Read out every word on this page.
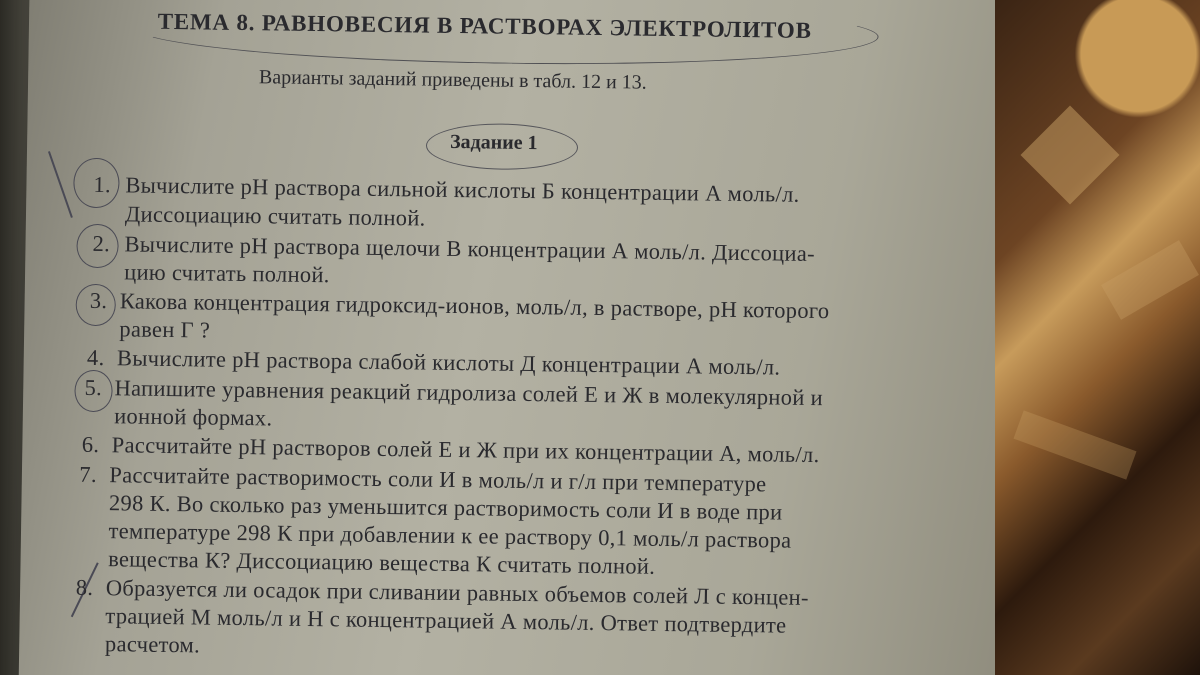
ТЕМА 8. РАВНОВЕСИЯ В РАСТВОРАХ ЭЛЕКТРОЛИТОВ
Варианты заданий приведены в табл. 12 и 13.
Задание 1
1. Вычислите pH раствора сильной кислоты Б концентрации А моль/л.
Диссоциацию считать полной.
2. Вычислите pH раствора щелочи В концентрации А моль/л. Диссоциа-
цию считать полной.
3. Какова концентрация гидроксид-ионов, моль/л, в растворе, pH которого
равен Г ?
4. Вычислите pH раствора слабой кислоты Д концентрации А моль/л.
5. Напишите уравнения реакций гидролиза солей Е и Ж в молекулярной и
ионной формах.
6. Рассчитайте pH растворов солей Е и Ж при их концентрации А, моль/л.
7. Рассчитайте растворимость соли И в моль/л и г/л при температуре
298 К. Во сколько раз уменьшится растворимость соли И в воде при
температуре 298 К при добавлении к ее раствору 0,1 моль/л раствора
вещества К? Диссоциацию вещества К считать полной.
8. Образуется ли осадок при сливании равных объемов солей Л с концен-
трацией М моль/л и Н с концентрацией А моль/л. Ответ подтвердите
расчетом.
